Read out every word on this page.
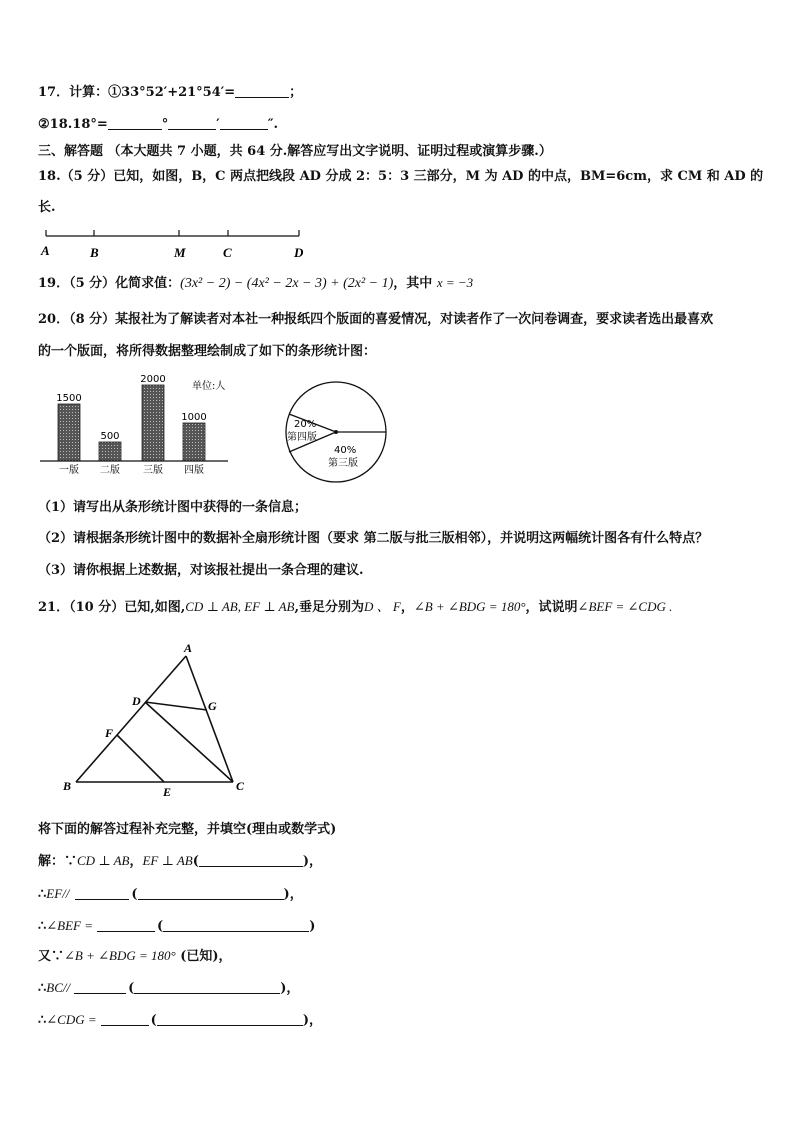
17．计算：①33°52′+21°54′=	；
②18.18°=	°	′	″.
三、解答题 （本大题共 7 小题，共 64 分.解答应写出文字说明、证明过程或演算步骤.）
18.（5 分）已知，如图，B，C 两点把线段 AD 分成 2：5：3 三部分，M 为 AD 的中点，BM=6cm，求 CM 和 AD 的
长.
A	B	M	C	D
19．（5 分）化简求值：(3x² − 2) − (4x² − 2x − 3) + (2x² − 1)，其中 x = −3
20．（8 分）某报社为了解读者对本社一种报纸四个版面的喜爱情况，对读者作了一次问卷调查，要求读者选出最喜欢
的一个版面，将所得数据整理绘制成了如下的条形统计图：
1500
一版
500
二版
2000
三版
1000
四版
单位:人
20%
第四版
40%
第三版
（1）请写出从条形统计图中获得的一条信息；
（2）请根据条形统计图中的数据补全扇形统计图（要求 第二版与批三版相邻），并说明这两幅统计图各有什么特点？
（3）请你根据上述数据，对该报社提出一条合理的建议.
21．（10 分）已知,如图,CD ⊥ AB, EF ⊥ AB,垂足分别为D 、 F，∠B + ∠BDG = 180°，试说明∠BEF = ∠CDG .
A
D	G
F
B	E	C
将下面的解答过程补充完整，并填空(理由或数学式)
解：∵CD ⊥ AB，EF ⊥ AB(	)，
∴EF//	(	)，
∴∠BEF =	(	)
又∵∠B + ∠BDG = 180° (已知)，
∴BC//	(	)，
∴∠CDG =	(	)，
